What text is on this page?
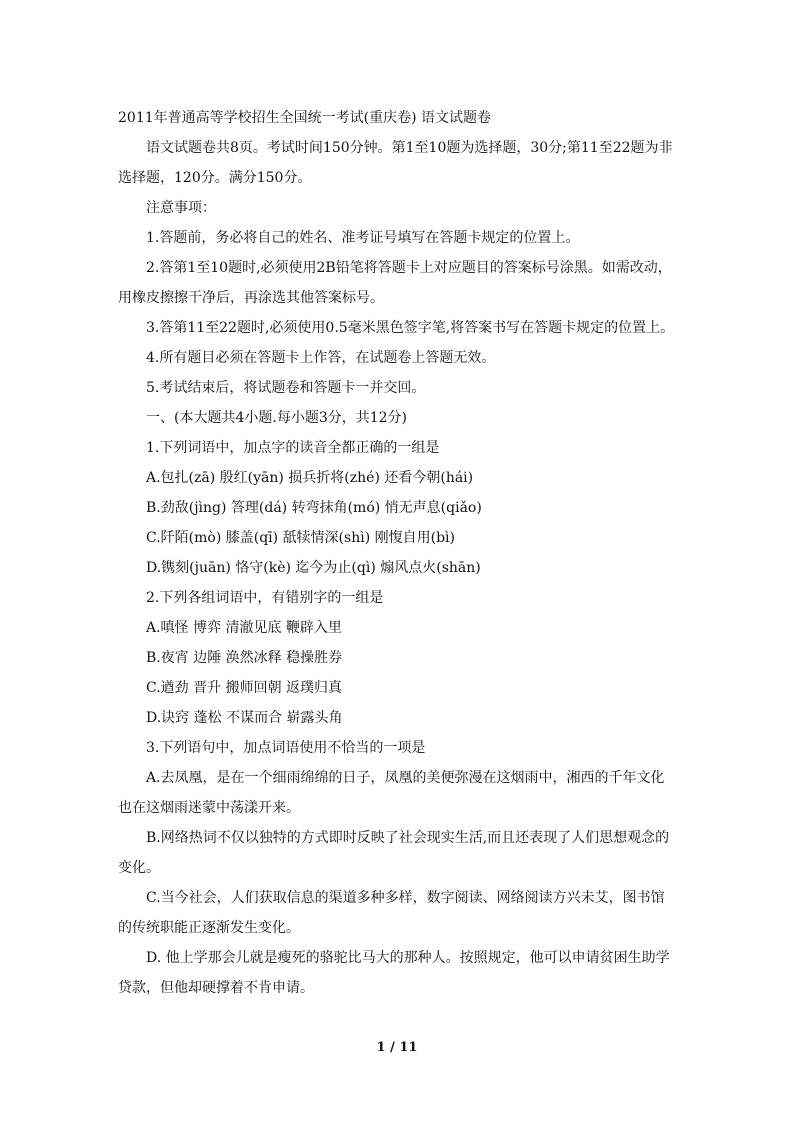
2011年普通高等学校招生全国统一考试(重庆卷) 语文试题卷

语文试题卷共8页。考试时间150分钟。第1至10题为选择题，30分;第11至22题为非选择题，120分。满分150分。

注意事项：

1.答题前，务必将自己的姓名、准考证号填写在答题卡规定的位置上。

2.答第1至10题时,必须使用2B铅笔将答题卡上对应题目的答案标号涂黑。如需改动，用橡皮擦擦干净后，再涂选其他答案标号。

3.答第11至22题时,必须使用0.5毫米黑色签字笔,将答案书写在答题卡规定的位置上。

4.所有题目必须在答题卡上作答，在试题卷上答题无效。

5.考试结束后，将试题卷和答题卡一并交回。

一、(本大题共4小题.每小题3分，共12分)

1.下列词语中，加点字的读音全都正确的一组是

A.包扎(zā) 殷红(yān) 损兵折将(zhé) 还看今朝(hái)

B.劲敌(jìng) 答理(dá) 转弯抹角(mó) 悄无声息(qiǎo)

C.阡陌(mò) 膝盖(qī) 舐犊情深(shì) 刚愎自用(bì)

D.镌刻(juān) 恪守(kè) 迄今为止(qì) 煽风点火(shān)

2.下列各组词语中，有错别字的一组是

A.嗔怪 博弈 清澈见底 鞭辟入里

B.夜宵 边陲 涣然冰释 稳操胜券

C.遒劲 晋升 搬师回朝 返璞归真

D.诀窍 蓬松 不谋而合 崭露头角

3.下列语句中，加点词语使用不恰当的一项是

A.去凤凰，是在一个细雨绵绵的日子，凤凰的美便弥漫在这烟雨中，湘西的千年文化也在这烟雨迷蒙中荡漾开来。

B.网络热词不仅以独特的方式即时反映了社会现实生活,而且还表现了人们思想观念的变化。

C.当今社会，人们获取信息的渠道多种多样，数字阅读、网络阅读方兴未艾，图书馆的传统职能正逐渐发生变化。

D. 他上学那会儿就是瘦死的骆驼比马大的那种人。按照规定，他可以申请贫困生助学贷款，但他却硬撑着不肯申请。

1 / 11
